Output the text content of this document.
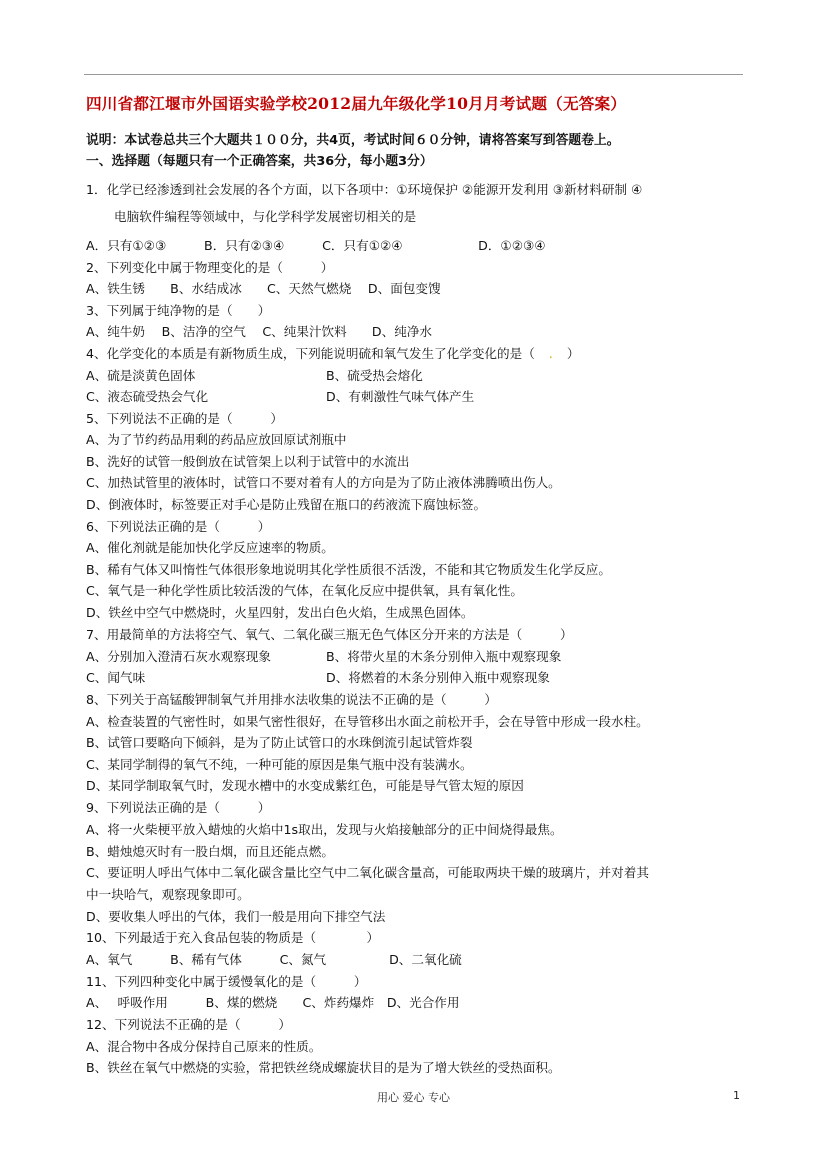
四川省都江堰市外国语实验学校2012届九年级化学10月月考试题（无答案）
说明：本试卷总共三个大题共１００分，共4页，考试时间６０分钟，请将答案写到答题卷上。
一、选择题（每题只有一个正确答案，共36分，每小题3分）
1．化学已经渗透到社会发展的各个方面，以下各项中：①环境保护 ②能源开发利用 ③新材料研制 ④
电脑软件编程等领域中，与化学科学发展密切相关的是
A．只有①②③　　　B．只有②③④　　　C．只有①②④　　　　　　D．①②③④
2、下列变化中属于物理变化的是（　　　）
A、铁生锈　　B、水结成冰　　C、天然气燃烧　 D、面包变馊
3、下列属于纯净物的是（　　）
A、纯牛奶　 B、洁净的空气　 C、纯果汁饮料　　D、纯净水
4、化学变化的本质是有新物质生成，下列能说明硫和氧气发生了化学变化的是（ . ）
A、硫是淡黄色固体	B、硫受热会熔化
C、液态硫受热会气化	D、有刺激性气味气体产生
5、下列说法不正确的是（　　　）
A、为了节约药品用剩的药品应放回原试剂瓶中
B、洗好的试管一般倒放在试管架上以利于试管中的水流出
C、加热试管里的液体时，试管口不要对着有人的方向是为了防止液体沸腾喷出伤人。
D、倒液体时，标签要正对手心是防止残留在瓶口的药液流下腐蚀标签。
6、下列说法正确的是（　　　）
A、催化剂就是能加快化学反应速率的物质。
B、稀有气体又叫惰性气体很形象地说明其化学性质很不活泼，不能和其它物质发生化学反应。
C、氧气是一种化学性质比较活泼的气体，在氧化反应中提供氧，具有氧化性。
D、铁丝中空气中燃烧时，火星四射，发出白色火焰，生成黑色固体。
7、用最简单的方法将空气、氧气、二氧化碳三瓶无色气体区分开来的方法是（　　　）
A、分别加入澄清石灰水观察现象	B、将带火星的木条分别伸入瓶中观察现象
C、闻气味	D、将燃着的木条分别伸入瓶中观察现象
8、下列关于高锰酸钾制氧气并用排水法收集的说法不正确的是（　　　）
A、检查装置的气密性时，如果气密性很好，在导管移出水面之前松开手，会在导管中形成一段水柱。
B、试管口要略向下倾斜，是为了防止试管口的水珠倒流引起试管炸裂
C、某同学制得的氧气不纯，一种可能的原因是集气瓶中没有装满水。
D、某同学制取氧气时，发现水槽中的水变成紫红色，可能是导气管太短的原因
9、下列说法正确的是（　　　）
A、将一火柴梗平放入蜡烛的火焰中1s取出，发现与火焰接触部分的正中间烧得最焦。
B、蜡烛熄灭时有一股白烟，而且还能点燃。
C、要证明人呼出气体中二氧化碳含量比空气中二氧化碳含量高，可能取两块干燥的玻璃片，并对着其
中一块哈气，观察现象即可。
D、要收集人呼出的气体，我们一般是用向下排空气法
10、下列最适于充入食品包装的物质是（　　　　）
A、氧气　　　B、稀有气体　　　C、氮气　　　　　D、二氧化硫
11、下列四种变化中属于缓慢氧化的是（　　　）
A、　 呼吸作用　　　B、煤的燃烧　　C、炸药爆炸　D、光合作用
12、下列说法不正确的是（　　　）
A、混合物中各成分保持自己原来的性质。
B、铁丝在氧气中燃烧的实验，常把铁丝绕成螺旋状目的是为了增大铁丝的受热面积。
用心 爱心 专心	1
